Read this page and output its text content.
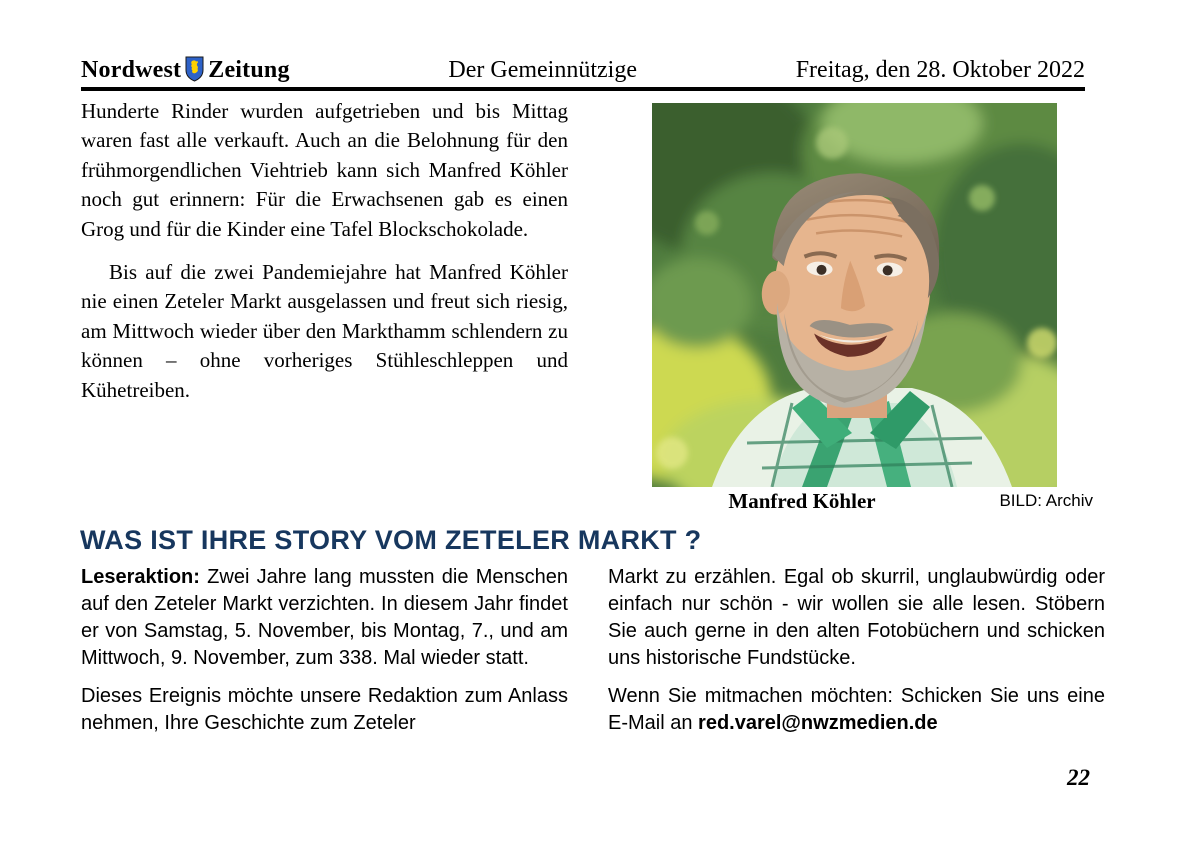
Nordwest Zeitung	Der Gemeinnützige	Freitag, den 28. Oktober 2022

Hunderte Rinder wurden aufgetrieben und bis Mittag waren fast alle verkauft. Auch an die Belohnung für den frühmorgendlichen Viehtrieb kann sich Manfred Köhler noch gut erinnern: Für die Erwachsenen gab es einen Grog und für die Kinder eine Tafel Blockschokolade.

Bis auf die zwei Pandemiejahre hat Manfred Köhler nie einen Zeteler Markt ausgelassen und freut sich riesig, am Mittwoch wieder über den Markthamm schlendern zu können – ohne vorheriges Stühleschleppen und Kühetreiben.

Manfred Köhler	BILD: Archiv
WAS IST IHRE STORY VOM ZETELER MARKT ?

Leseraktion: Zwei Jahre lang mussten die Menschen auf den Zeteler Markt verzichten. In diesem Jahr findet er von Samstag, 5. November, bis Montag, 7., und am Mittwoch, 9. November, zum 338. Mal wieder statt.

Dieses Ereignis möchte unsere Redaktion zum Anlass nehmen, Ihre Geschichte zum Zeteler

Markt zu erzählen. Egal ob skurril, unglaubwürdig oder einfach nur schön - wir wollen sie alle lesen. Stöbern Sie auch gerne in den alten Fotobüchern und schicken uns historische Fundstücke.

Wenn Sie mitmachen möchten: Schicken Sie uns eine E-Mail an red.varel@nwzmedien.de

22
